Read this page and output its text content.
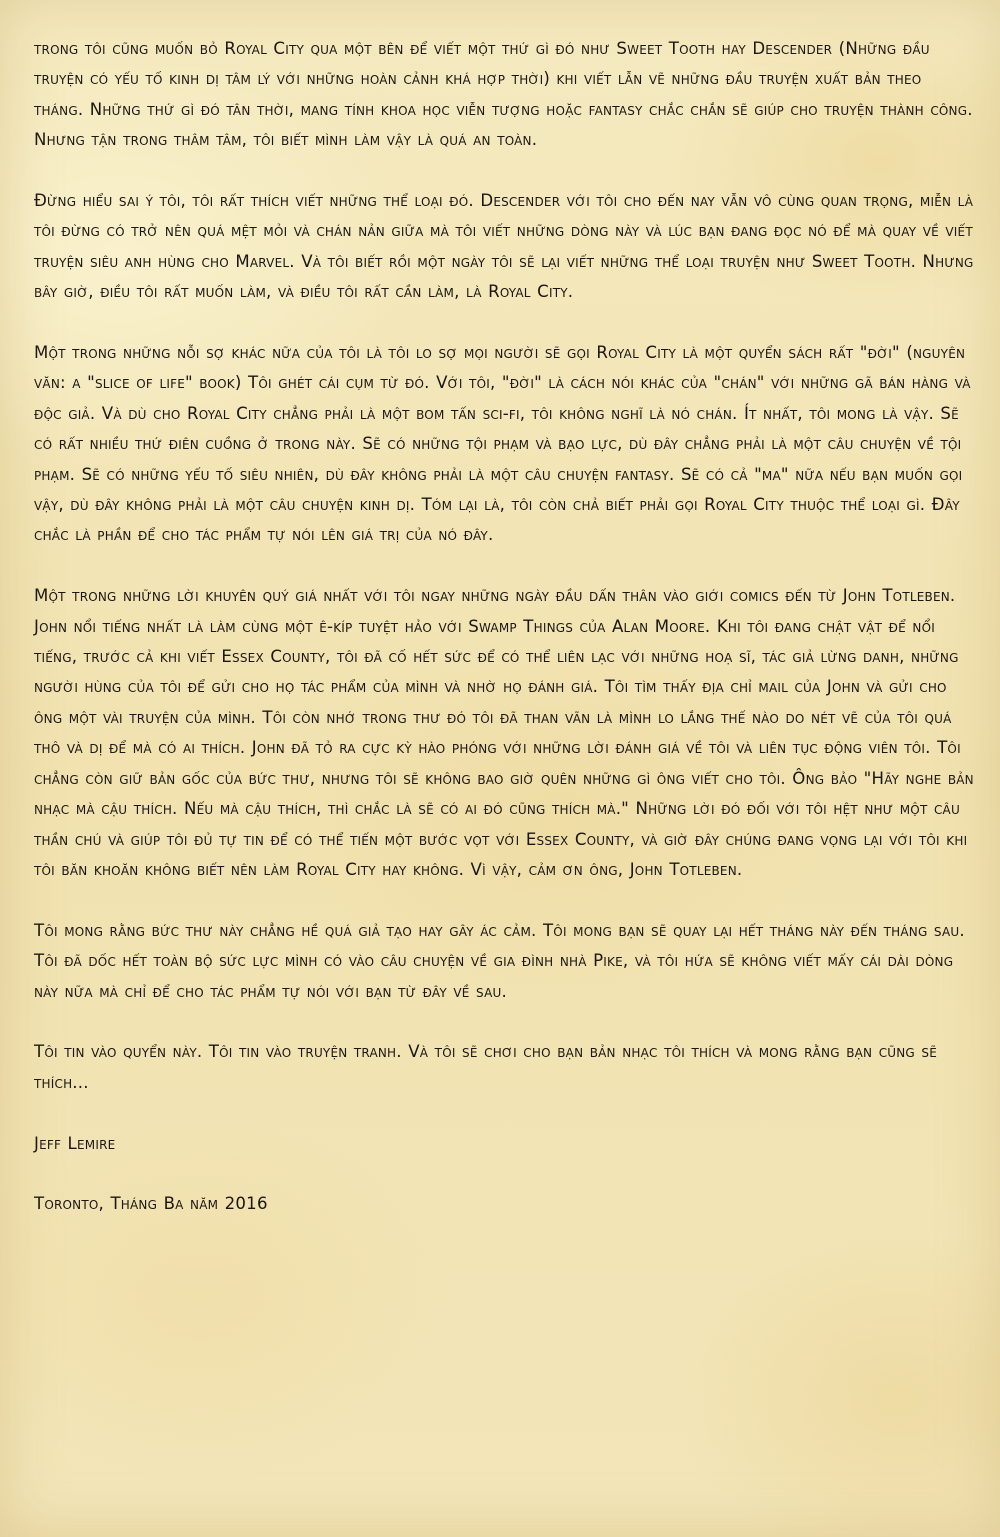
trong tôi cũng muốn bỏ Royal City qua một bên để viết một thứ gì đó như Sweet Tooth hay Descender (Những đầu truyện có yếu tố kinh dị tâm lý với những hoàn cảnh khá hợp thời) khi viết lẫn vẽ những đầu truyện xuất bản theo tháng. Những thứ gì đó tân thời, mang tính khoa học viễn tượng hoặc fantasy chắc chắn sẽ giúp cho truyện thành công. Nhưng tận trong thâm tâm, tôi biết mình làm vậy là quá an toàn.

Đừng hiểu sai ý tôi, tôi rất thích viết những thể loại đó. Descender với tôi cho đến nay vẫn vô cùng quan trọng, miễn là tôi đừng có trở nên quá mệt mỏi và chán nản giữa mà tôi viết những dòng này và lúc bạn đang đọc nó để mà quay về viết truyện siêu anh hùng cho Marvel. Và tôi biết rồi một ngày tôi sẽ lại viết những thể loại truyện như Sweet Tooth. Nhưng bây giờ, điều tôi rất muốn làm, và điều tôi rất cần làm, là Royal City.

Một trong những nỗi sợ khác nữa của tôi là tôi lo sợ mọi người sẽ gọi Royal City là một quyển sách rất "đời" (nguyên văn: a "slice of life" book) Tôi ghét cái cụm từ đó. Với tôi, "đời" là cách nói khác của "chán" với những gã bán hàng và độc giả. Và dù cho Royal City chẳng phải là một bom tấn sci-fi, tôi không nghĩ là nó chán. Ít nhất, tôi mong là vậy. Sẽ có rất nhiều thứ điên cuồng ở trong này. Sẽ có những tội phạm và bạo lực, dù đây chẳng phải là một câu chuyện về tội phạm. Sẽ có những yếu tố siêu nhiên, dù đây không phải là một câu chuyện fantasy. Sẽ có cả "ma" nữa nếu bạn muốn gọi vậy, dù đây không phải là một câu chuyện kinh dị. Tóm lại là, tôi còn chả biết phải gọi Royal City thuộc thể loại gì. Đây chắc là phần để cho tác phẩm tự nói lên giá trị của nó đây.

Một trong những lời khuyên quý giá nhất với tôi ngay những ngày đầu dấn thân vào giới comics đến từ John Totleben. John nổi tiếng nhất là làm cùng một ê-kíp tuyệt hảo với Swamp Things của Alan Moore. Khi tôi đang chật vật để nổi tiếng, trước cả khi viết Essex County, tôi đã cố hết sức để có thể liên lạc với những hoạ sĩ, tác giả lừng danh, những người hùng của tôi để gửi cho họ tác phẩm của mình và nhờ họ đánh giá. Tôi tìm thấy địa chỉ mail của John và gửi cho ông một vài truyện của mình. Tôi còn nhớ trong thư đó tôi đã than vãn là mình lo lắng thế nào do nét vẽ của tôi quá thô và dị để mà có ai thích. John đã tỏ ra cực kỳ hào phóng với những lời đánh giá về tôi và liên tục động viên tôi. Tôi chẳng còn giữ bản gốc của bức thư, nhưng tôi sẽ không bao giờ quên những gì ông viết cho tôi. Ông bảo "Hãy nghe bản nhạc mà cậu thích. Nếu mà cậu thích, thì chắc là sẽ có ai đó cũng thích mà." Những lời đó đối với tôi hệt như một câu thần chú và giúp tôi đủ tự tin để có thể tiến một bước vọt với Essex County, và giờ đây chúng đang vọng lại với tôi khi tôi băn khoăn không biết nên làm Royal City hay không. Vì vậy, cảm ơn ông, John Totleben.

Tôi mong rằng bức thư này chẳng hề quá giả tạo hay gây ác cảm. Tôi mong bạn sẽ quay lại hết tháng này đến tháng sau. Tôi đã dốc hết toàn bộ sức lực mình có vào câu chuyện về gia đình nhà Pike, và tôi hứa sẽ không viết mấy cái dài dòng này nữa mà chỉ để cho tác phẩm tự nói với bạn từ đây về sau.

Tôi tin vào quyển này. Tôi tin vào truyện tranh. Và tôi sẽ chơi cho bạn bản nhạc tôi thích và mong rằng bạn cũng sẽ thích...

Jeff Lemire

Toronto, Tháng Ba năm 2016
